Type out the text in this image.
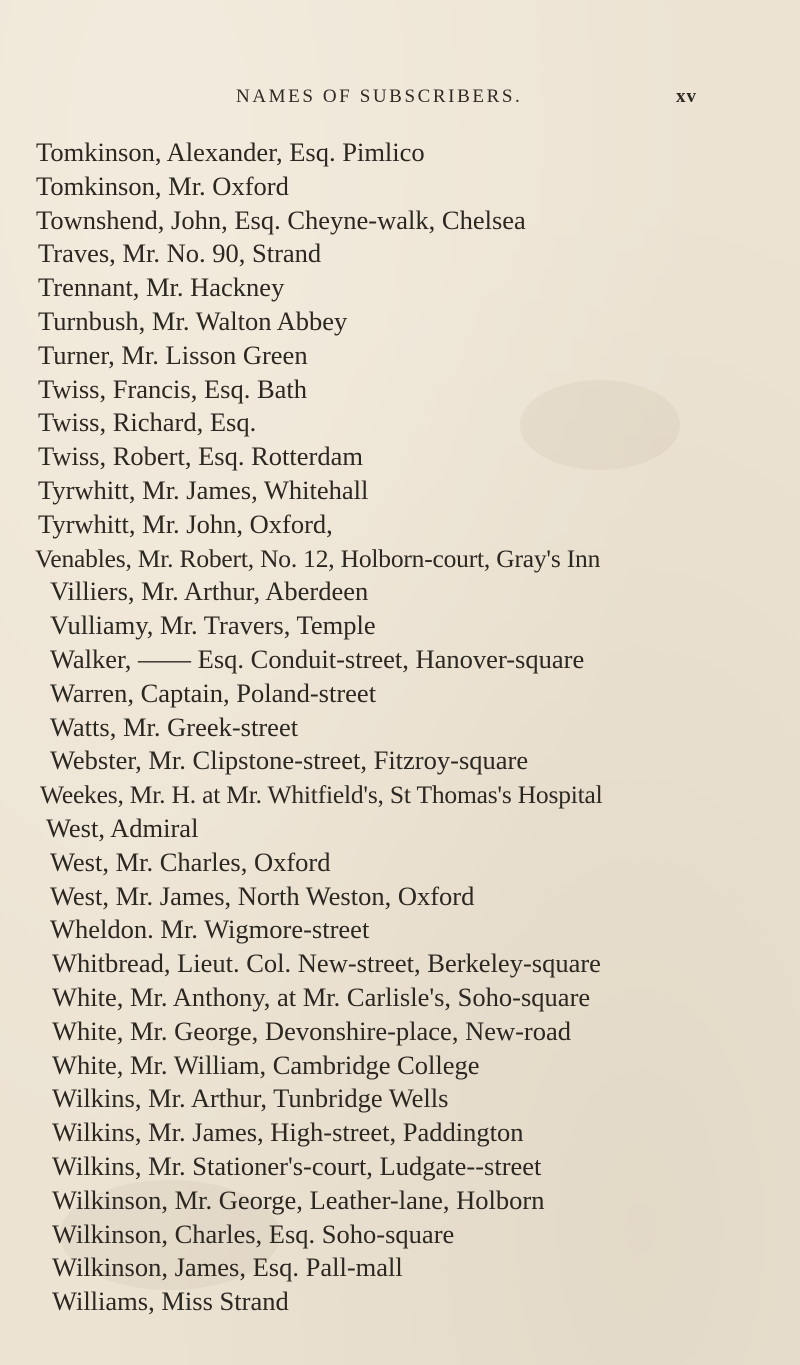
NAMES OF SUBSCRIBERS.	xv
Tomkinson, Alexander, Esq. Pimlico
Tomkinson, Mr. Oxford
Townshend, John, Esq. Cheyne-walk, Chelsea
Traves, Mr. No. 90, Strand
Trennant, Mr. Hackney
Turnbush, Mr. Walton Abbey
Turner, Mr. Lisson Green
Twiss, Francis, Esq. Bath
Twiss, Richard, Esq.
Twiss, Robert, Esq. Rotterdam
Tyrwhitt, Mr. James, Whitehall
Tyrwhitt, Mr. John, Oxford,
Venables, Mr. Robert, No. 12, Holborn-court, Gray's Inn
Villiers, Mr. Arthur, Aberdeen
Vulliamy, Mr. Travers, Temple
Walker, —— Esq. Conduit-street, Hanover-square
Warren, Captain, Poland-street
Watts, Mr. Greek-street
Webster, Mr. Clipstone-street, Fitzroy-square
Weekes, Mr. H. at Mr. Whitfield's, St Thomas's Hospital
West, Admiral
West, Mr. Charles, Oxford
West, Mr. James, North Weston, Oxford
Wheldon. Mr. Wigmore-street
Whitbread, Lieut. Col. New-street, Berkeley-square
White, Mr. Anthony, at Mr. Carlisle's, Soho-square
White, Mr. George, Devonshire-place, New-road
White, Mr. William, Cambridge College
Wilkins, Mr. Arthur, Tunbridge Wells
Wilkins, Mr. James, High-street, Paddington
Wilkins, Mr. Stationer's-court, Ludgate--street
Wilkinson, Mr. George, Leather-lane, Holborn
Wilkinson, Charles, Esq. Soho-square
Wilkinson, James, Esq. Pall-mall
Williams, Miss Strand
